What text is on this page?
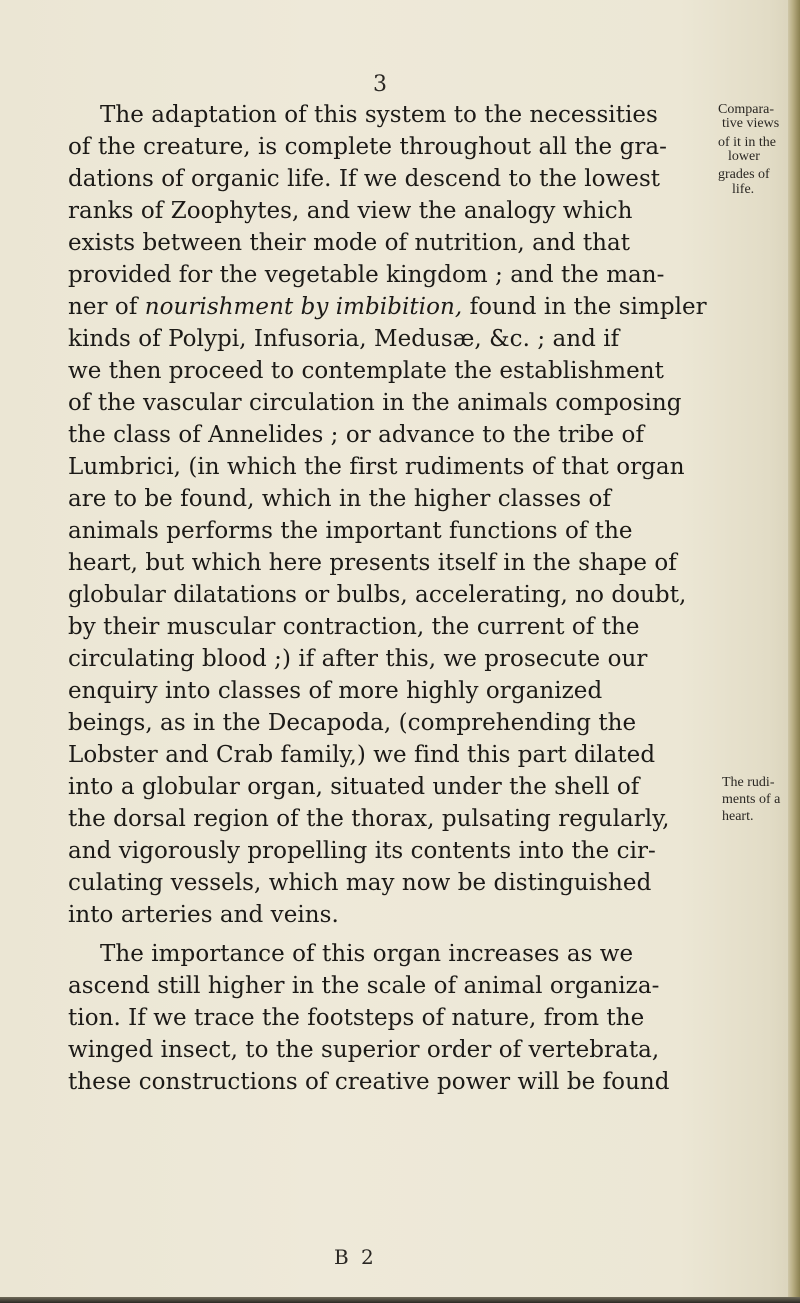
3
The adaptation of this system to the necessities
of the creature, is complete throughout all the gra-
dations of organic life. If we descend to the lowest
ranks of Zoophytes, and view the analogy which
exists between their mode of nutrition, and that
provided for the vegetable kingdom ; and the man-
ner of nourishment by imbibition, found in the simpler
kinds of Polypi, Infusoria, Medusæ, &c. ; and if
we then proceed to contemplate the establishment
of the vascular circulation in the animals composing
the class of Annelides ; or advance to the tribe of
Lumbrici, (in which the first rudiments of that organ
are to be found, which in the higher classes of
animals performs the important functions of the
heart, but which here presents itself in the shape of
globular dilatations or bulbs, accelerating, no doubt,
by their muscular contraction, the current of the
circulating blood ;) if after this, we prosecute our
enquiry into classes of more highly organized
beings, as in the Decapoda, (comprehending the
Lobster and Crab family,) we find this part dilated
into a globular organ, situated under the shell of
the dorsal region of the thorax, pulsating regularly,
and vigorously propelling its contents into the cir-
culating vessels, which may now be distinguished
into arteries and veins.
The importance of this organ increases as we
ascend still higher in the scale of animal organiza-
tion. If we trace the footsteps of nature, from the
winged insect, to the superior order of vertebrata,
these constructions of creative power will be found
Compara-
tive views
of it in the
lower
grades of
life.
The rudi-
ments of a
heart.
B 2
